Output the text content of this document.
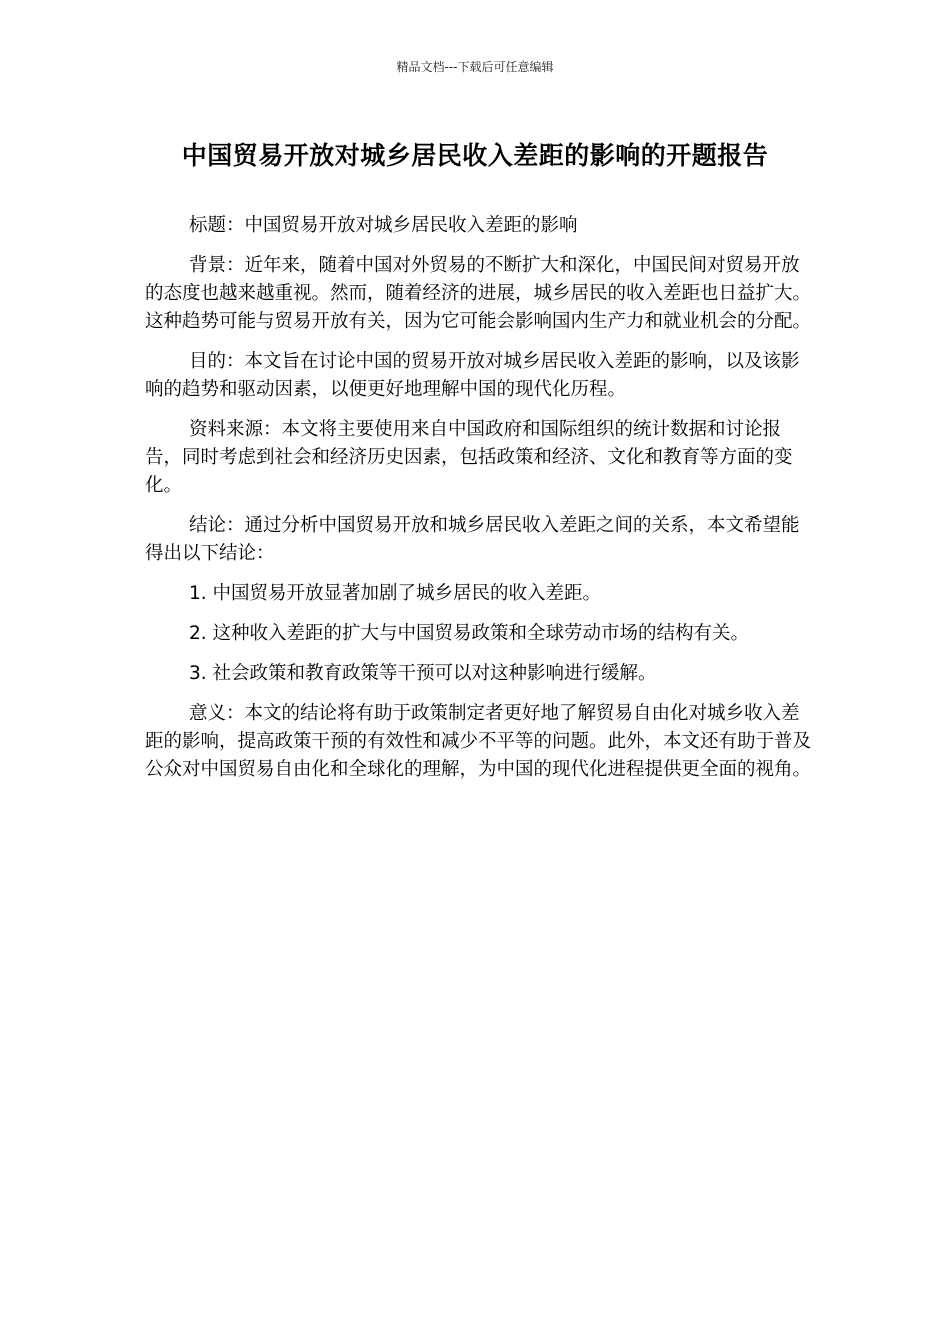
精品文档---下载后可任意编辑
中国贸易开放对城乡居民收入差距的影响的开题报告

标题：中国贸易开放对城乡居民收入差距的影响

背景：近年来，随着中国对外贸易的不断扩大和深化，中国民间对贸易开放的态度也越来越重视。然而，随着经济的进展，城乡居民的收入差距也日益扩大。这种趋势可能与贸易开放有关，因为它可能会影响国内生产力和就业机会的分配。

目的：本文旨在讨论中国的贸易开放对城乡居民收入差距的影响，以及该影响的趋势和驱动因素，以便更好地理解中国的现代化历程。

资料来源：本文将主要使用来自中国政府和国际组织的统计数据和讨论报告，同时考虑到社会和经济历史因素，包括政策和经济、文化和教育等方面的变化。

结论：通过分析中国贸易开放和城乡居民收入差距之间的关系，本文希望能得出以下结论：

1. 中国贸易开放显著加剧了城乡居民的收入差距。
2. 这种收入差距的扩大与中国贸易政策和全球劳动市场的结构有关。
3. 社会政策和教育政策等干预可以对这种影响进行缓解。

意义：本文的结论将有助于政策制定者更好地了解贸易自由化对城乡收入差距的影响，提高政策干预的有效性和减少不平等的问题。此外，本文还有助于普及公众对中国贸易自由化和全球化的理解，为中国的现代化进程提供更全面的视角。
